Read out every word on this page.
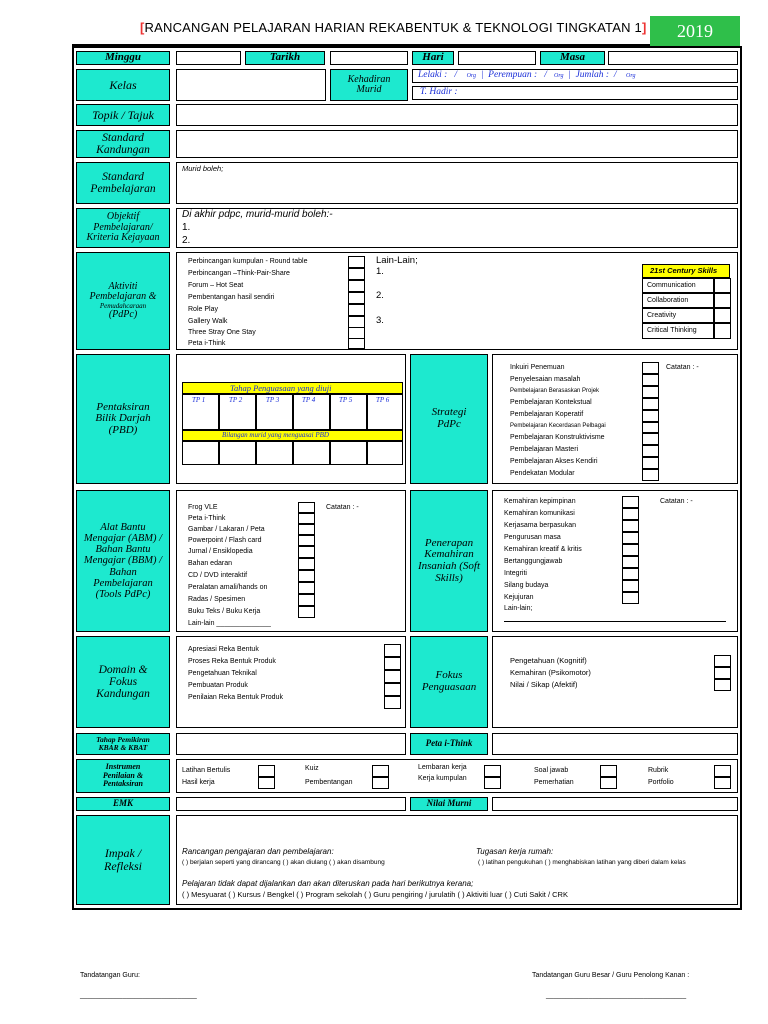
[RANCANGAN PELAJARAN HARIAN REKABENTUK & TEKNOLOGI TINGKATAN 1] 2019
Minggu	Tarikh	Hari	Masa
Kelas	Kehadiran Murid
Lelaki : / Org | Perempuan : / Org | Jumlah : / Org
T. Hadir :
Topik / Tajuk
Standard Kandungan
Standard Pembelajaran
Murid boleh;
Objektif Pembelajaran/ Kriteria Kejayaan
Di akhir pdpc, murid-murid boleh:-
1.
2.
Aktiviti Pembelajaran &
Pemudahcaraan
(PdPc)
Perbincangan kumpulan - Round table
Perbincangan –Think-Pair-Share
Forum – Hot Seat
Pembentangan hasil sendiri
Role Play
Gallery Walk
Three Stray One Stay
Peta i-Think
Lain-Lain;
1.
2.
3.
21st Century Skills
Communication
Collaboration
Creativity
Critical Thinking
Pentaksiran Bilik Darjah (PBD)
Tahap Penguasaan yang diuji
TP 1	TP 2	TP 3	TP 4	TP 5	TP 6
Bilangan murid yang menguasai PBD
Strategi PdPc
Inkuiri Penemuan
Penyelesaian masalah
Pembelajaran Berasaskan Projek
Pembelajaran Kontekstual
Pembelajaran Koperatif
Pembelajaran Kecerdasan Pelbagai
Pembelajaran Konstruktivisme
Pembelajaran Masteri
Pembelajaran Akses Kendiri
Pendekatan Modular
Catatan : -
Alat Bantu Mengajar (ABM) / Bahan Bantu Mengajar (BBM) / Bahan Pembelajaran (Tools PdPc)
Frog VLE
Peta i-Think
Gambar / Lakaran / Peta
Powerpoint / Flash card
Jurnal / Ensiklopedia
Bahan edaran
CD / DVD interaktif
Peralatan amali/hands on
Radas / Spesimen
Buku Teks / Buku Kerja
Lain-lain ______________
Catatan : -
Penerapan Kemahiran Insaniah (Soft Skills)
Kemahiran kepimpinan
Kemahiran komunikasi
Kerjasama berpasukan
Pengurusan masa
Kemahiran kreatif & kritis
Bertanggungjawab
Integriti
Silang budaya
Kejujuran
Lain-lain;
Catatan : -
Domain & Fokus Kandungan
Apresiasi Reka Bentuk
Proses Reka Bentuk Produk
Pengetahuan Teknikal
Pembuatan Produk
Penilaian Reka Bentuk Produk
Fokus Penguasaan
Pengetahuan (Kognitif)
Kemahiran (Psikomotor)
Nilai / Sikap (Afektif)
Tahap Pemikiran KBAR & KBAT	Peta i-Think
Instrumen Penilaian & Pentaksiran
Latihan Bertulis
Hasil kerja
Kuiz
Pembentangan
Lembaran kerja
Kerja kumpulan
Soal jawab
Pemerhatian
Rubrik
Portfolio
EMK	Nilai Murni
Impak / Refleksi
Rancangan pengajaran dan pembelajaran:	Tugasan kerja rumah:
( ) berjalan seperti yang dirancang ( ) akan diulang ( ) akan disambung	( ) latihan pengukuhan ( ) menghabiskan latihan yang diberi dalam kelas
Pelajaran tidak dapat dijalankan dan akan diteruskan pada hari berikutnya kerana;
( ) Mesyuarat ( ) Kursus / Bengkel ( ) Program sekolah ( ) Guru pengiring / jurulatih ( ) Aktiviti luar ( ) Cuti Sakit / CRK
Tandatangan Guru:
______________________________
Tandatangan Guru Besar / Guru Penolong Kanan :
____________________________________
